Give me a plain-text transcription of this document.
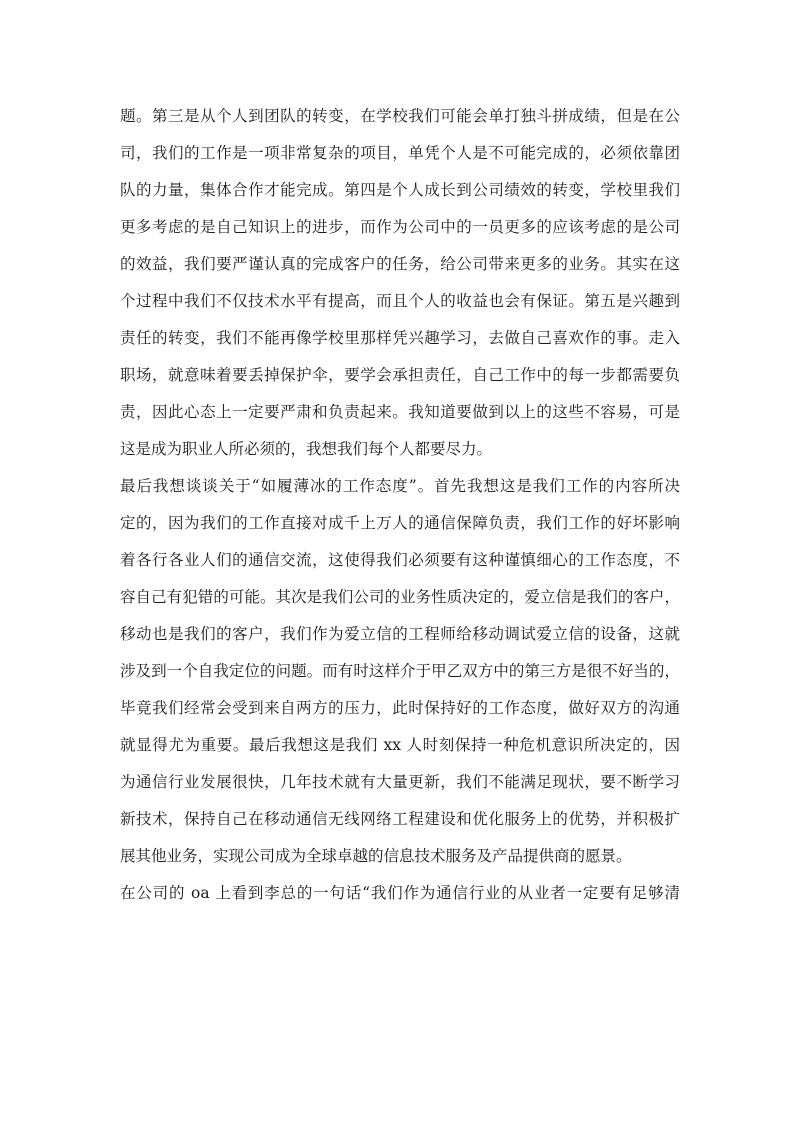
题。第三是从个人到团队的转变，在学校我们可能会单打独斗拼成绩，但是在公
司，我们的工作是一项非常复杂的项目，单凭个人是不可能完成的，必须依靠团
队的力量，集体合作才能完成。第四是个人成长到公司绩效的转变，学校里我们
更多考虑的是自己知识上的进步，而作为公司中的一员更多的应该考虑的是公司
的效益，我们要严谨认真的完成客户的任务，给公司带来更多的业务。其实在这
个过程中我们不仅技术水平有提高，而且个人的收益也会有保证。第五是兴趣到
责任的转变，我们不能再像学校里那样凭兴趣学习，去做自己喜欢作的事。走入
职场，就意味着要丢掉保护伞，要学会承担责任，自己工作中的每一步都需要负
责，因此心态上一定要严肃和负责起来。我知道要做到以上的这些不容易，可是
这是成为职业人所必须的，我想我们每个人都要尽力。
最后我想谈谈关于“如履薄冰的工作态度”。首先我想这是我们工作的内容所决
定的，因为我们的工作直接对成千上万人的通信保障负责，我们工作的好坏影响
着各行各业人们的通信交流，这使得我们必须要有这种谨慎细心的工作态度，不
容自己有犯错的可能。其次是我们公司的业务性质决定的，爱立信是我们的客户，
移动也是我们的客户，我们作为爱立信的工程师给移动调试爱立信的设备，这就
涉及到一个自我定位的问题。而有时这样介于甲乙双方中的第三方是很不好当的，
毕竟我们经常会受到来自两方的压力，此时保持好的工作态度，做好双方的沟通
就显得尤为重要。最后我想这是我们 xx 人时刻保持一种危机意识所决定的，因
为通信行业发展很快，几年技术就有大量更新，我们不能满足现状，要不断学习
新技术，保持自己在移动通信无线网络工程建设和优化服务上的优势，并积极扩
展其他业务，实现公司成为全球卓越的信息技术服务及产品提供商的愿景。
在公司的 oa 上看到李总的一句话“我们作为通信行业的从业者一定要有足够清
